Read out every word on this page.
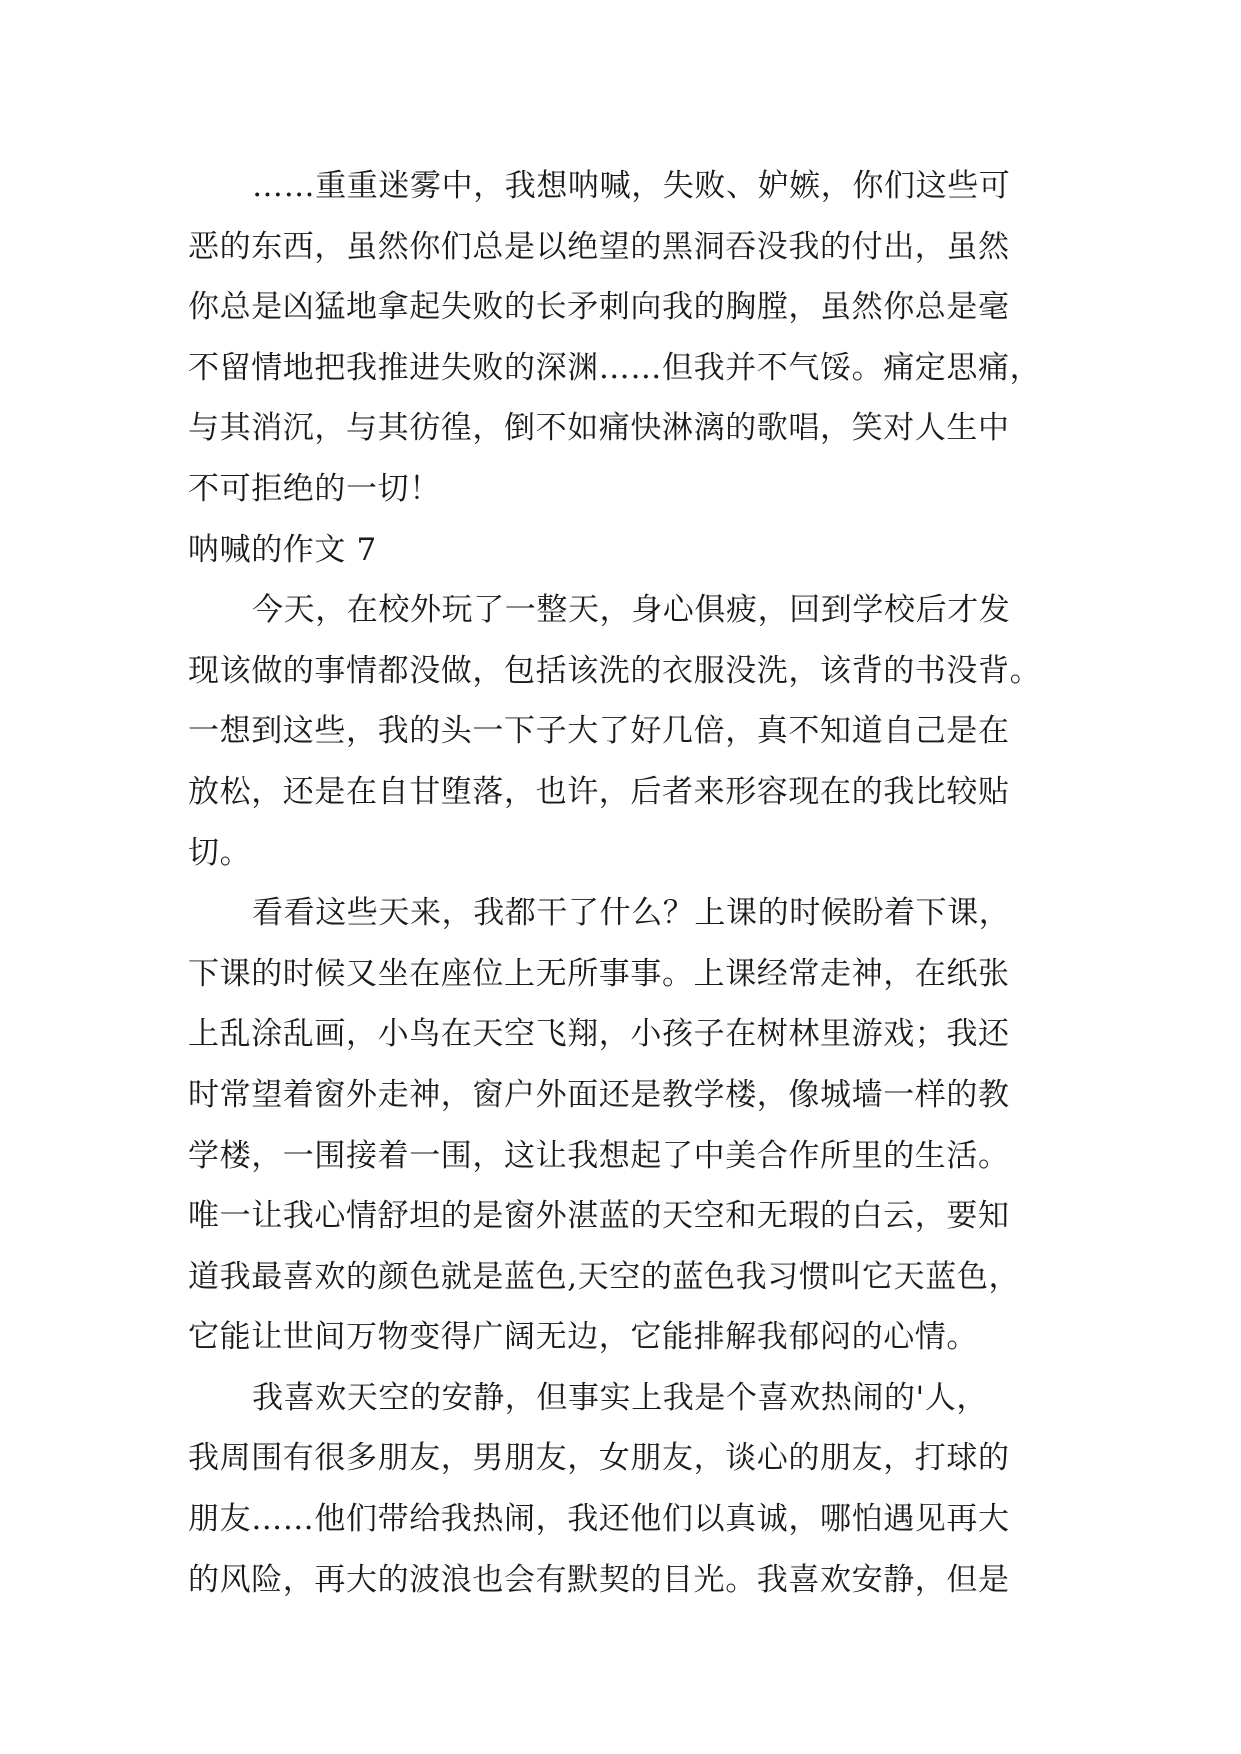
……重重迷雾中，我想呐喊，失败、妒嫉，你们这些可
恶的东西，虽然你们总是以绝望的黑洞吞没我的付出，虽然
你总是凶猛地拿起失败的长矛刺向我的胸膛，虽然你总是毫
不留情地把我推进失败的深渊……但我并不气馁。痛定思痛，
与其消沉，与其彷徨，倒不如痛快淋漓的歌唱，笑对人生中
不可拒绝的一切！
呐喊的作文 7
今天，在校外玩了一整天，身心俱疲，回到学校后才发
现该做的事情都没做，包括该洗的衣服没洗，该背的书没背。
一想到这些，我的头一下子大了好几倍，真不知道自己是在
放松，还是在自甘堕落，也许，后者来形容现在的我比较贴
切。
看看这些天来，我都干了什么？上课的时候盼着下课，
下课的时候又坐在座位上无所事事。上课经常走神，在纸张
上乱涂乱画，小鸟在天空飞翔，小孩子在树林里游戏；我还
时常望着窗外走神，窗户外面还是教学楼，像城墙一样的教
学楼，一围接着一围，这让我想起了中美合作所里的生活。
唯一让我心情舒坦的是窗外湛蓝的天空和无瑕的白云，要知
道我最喜欢的颜色就是蓝色,天空的蓝色我习惯叫它天蓝色，
它能让世间万物变得广阔无边，它能排解我郁闷的心情。
我喜欢天空的安静，但事实上我是个喜欢热闹的'人，
我周围有很多朋友，男朋友，女朋友，谈心的朋友，打球的
朋友……他们带给我热闹，我还他们以真诚，哪怕遇见再大
的风险，再大的波浪也会有默契的目光。我喜欢安静，但是
